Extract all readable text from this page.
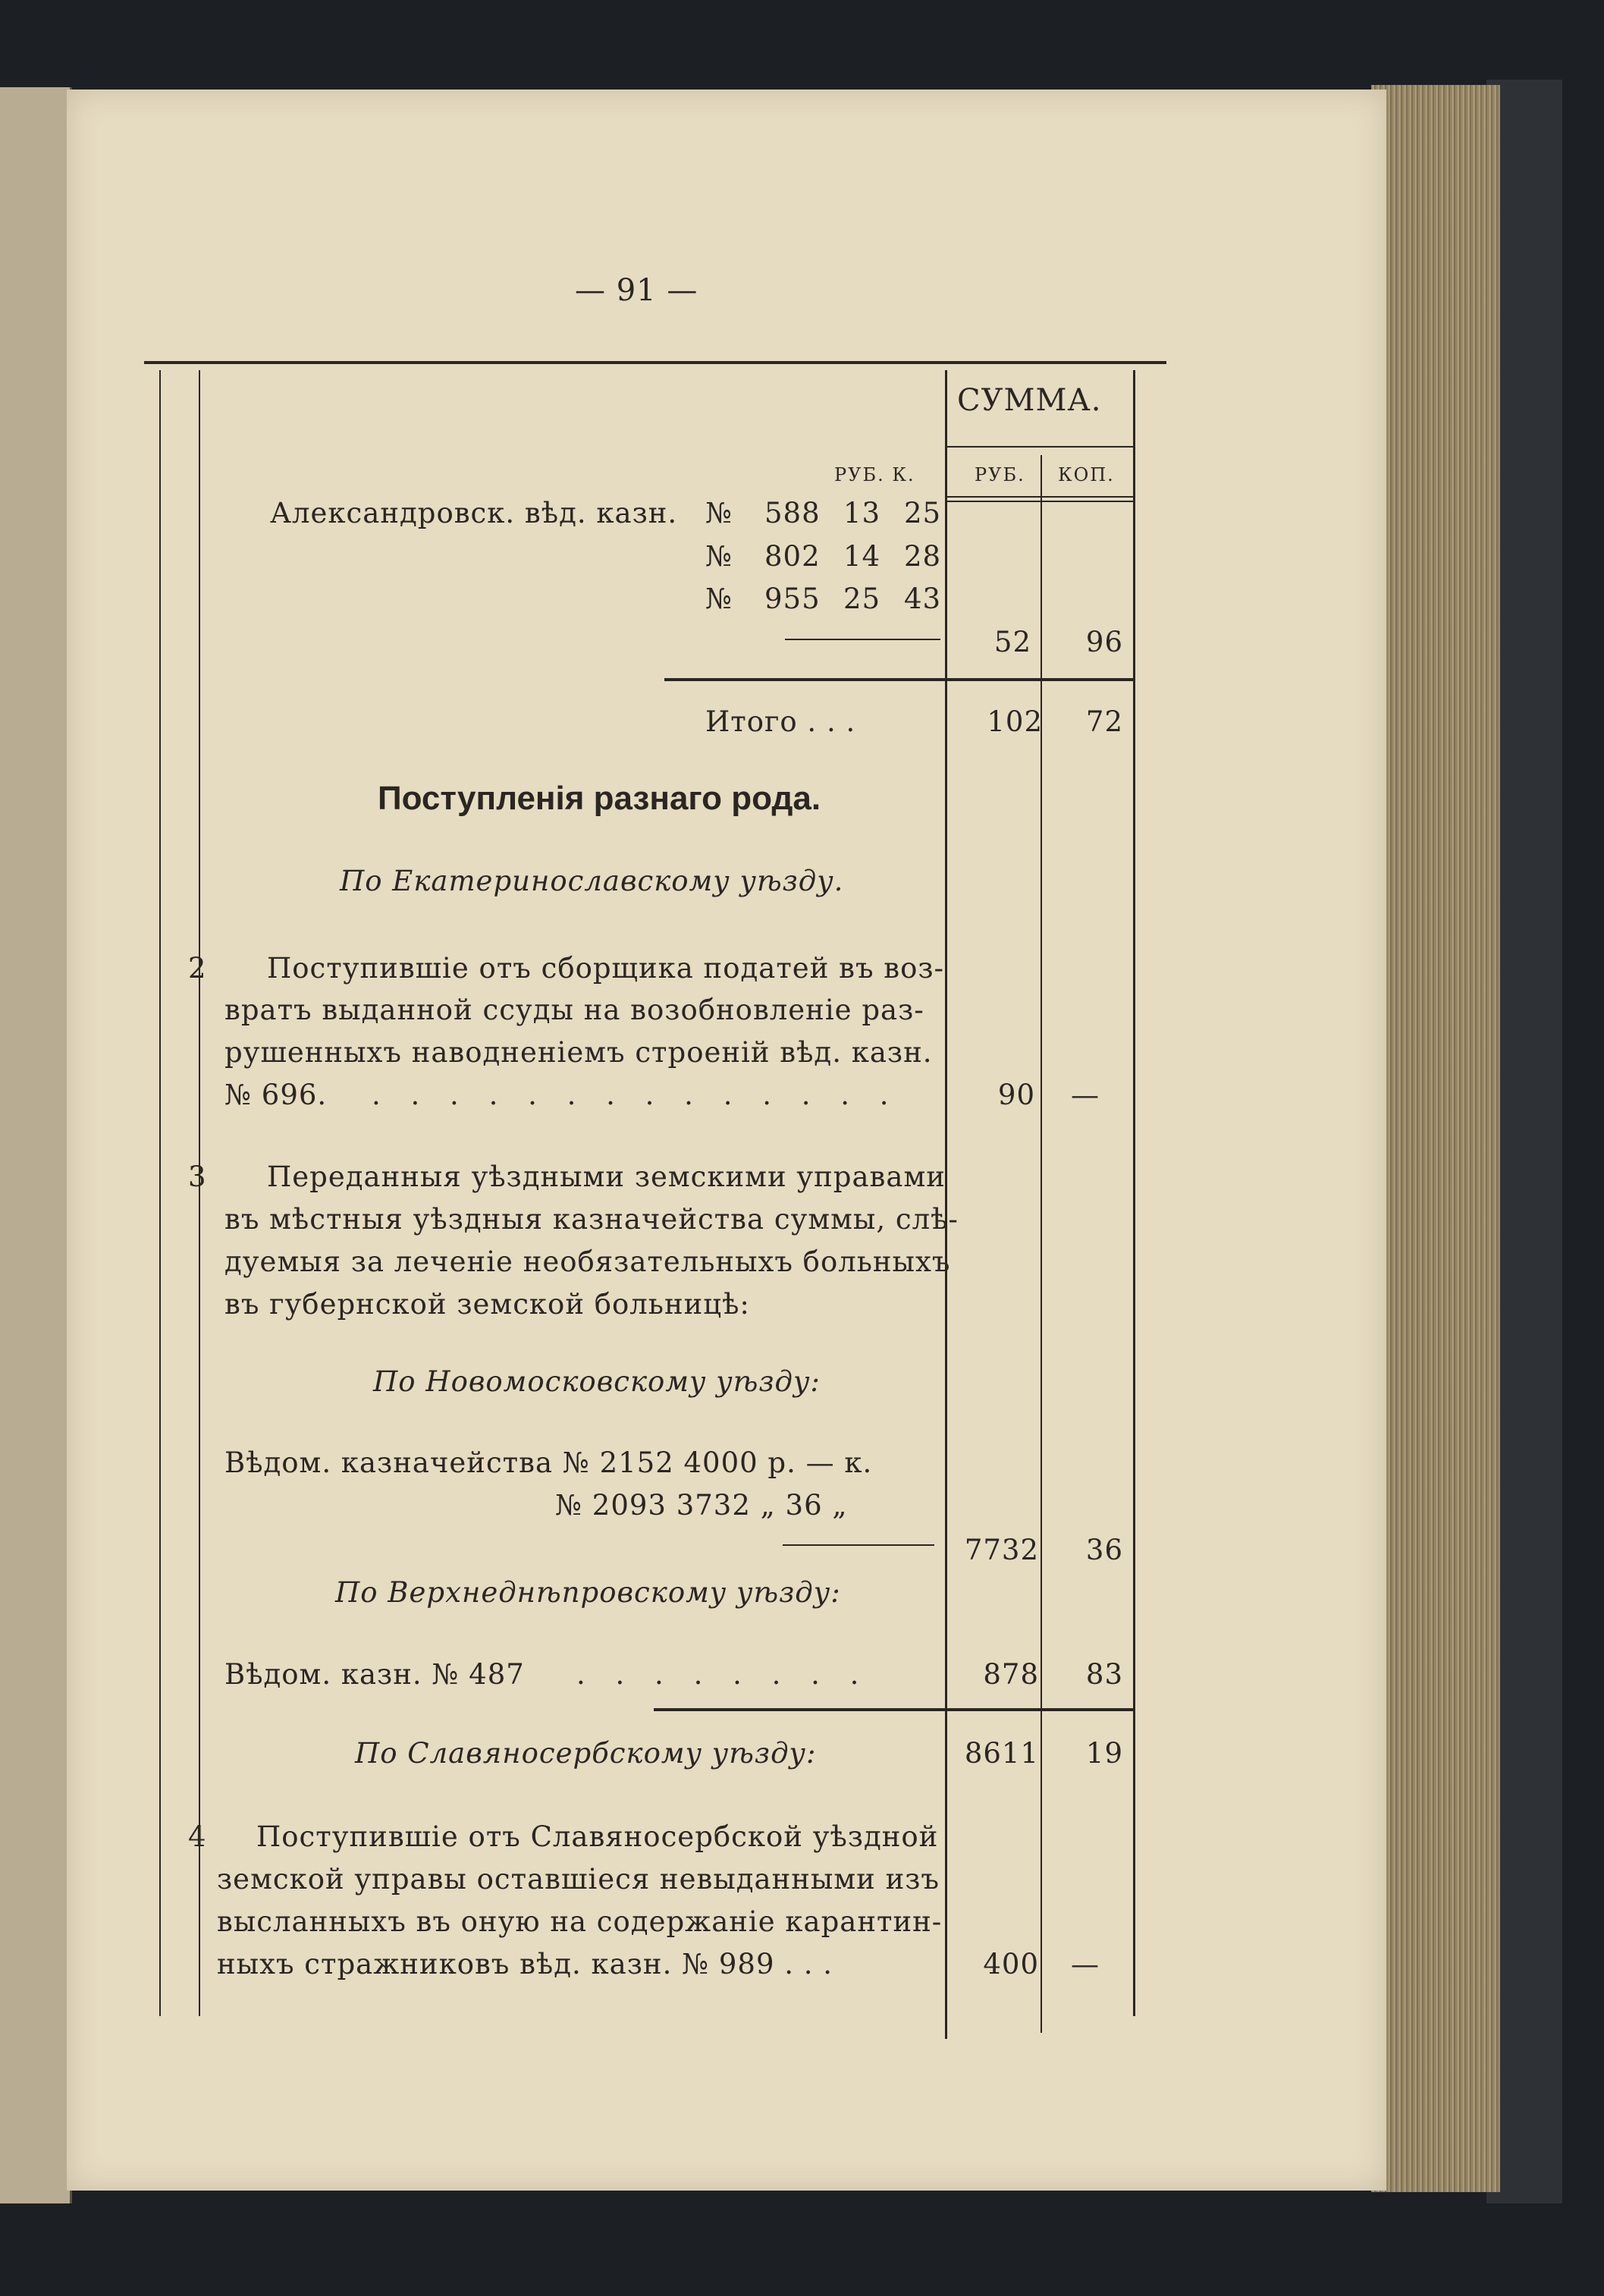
— 91 —
СУММА.
РУБ. КОП.
РУБ. К.
Александровск. вѣд. казн. № 588 13 25
№ 802 14 28
№ 955 25 43
52	96
Итого . . .	102	72
Поступленія разнаго рода.
По Екатеринославскому уѣзду.
2 Поступившіе отъ сборщика податей въ воз-
вратъ выданной ссуды на возобновленіе раз-
рушенныхъ наводненіемъ строеній вѣд. казн.
№ 696. . . . . . . . . . . . . . .	90 —
3 Переданныя уѣздными земскими управами
въ мѣстныя уѣздныя казначейства суммы, слѣ-
дуемыя за леченіе необязательныхъ больныхъ
въ губернской земской больницѣ:
По Новомосковскому уѣзду:
Вѣдом. казначейства № 2152 4000 р. — к.
№ 2093 3732 „ 36 „
7732	36
По Верхнеднѣпровскому уѣзду:
Вѣдом. казн. № 487 . . . . . . . .	878	83
По Славяносербскому уѣзду:	8611	19
4 Поступившіе отъ Славяносербской уѣздной
земской управы оставшіеся невыданными изъ
высланныхъ въ оную на содержаніе карантин-
ныхъ стражниковъ вѣд. казн. № 989 . . .	400 —
